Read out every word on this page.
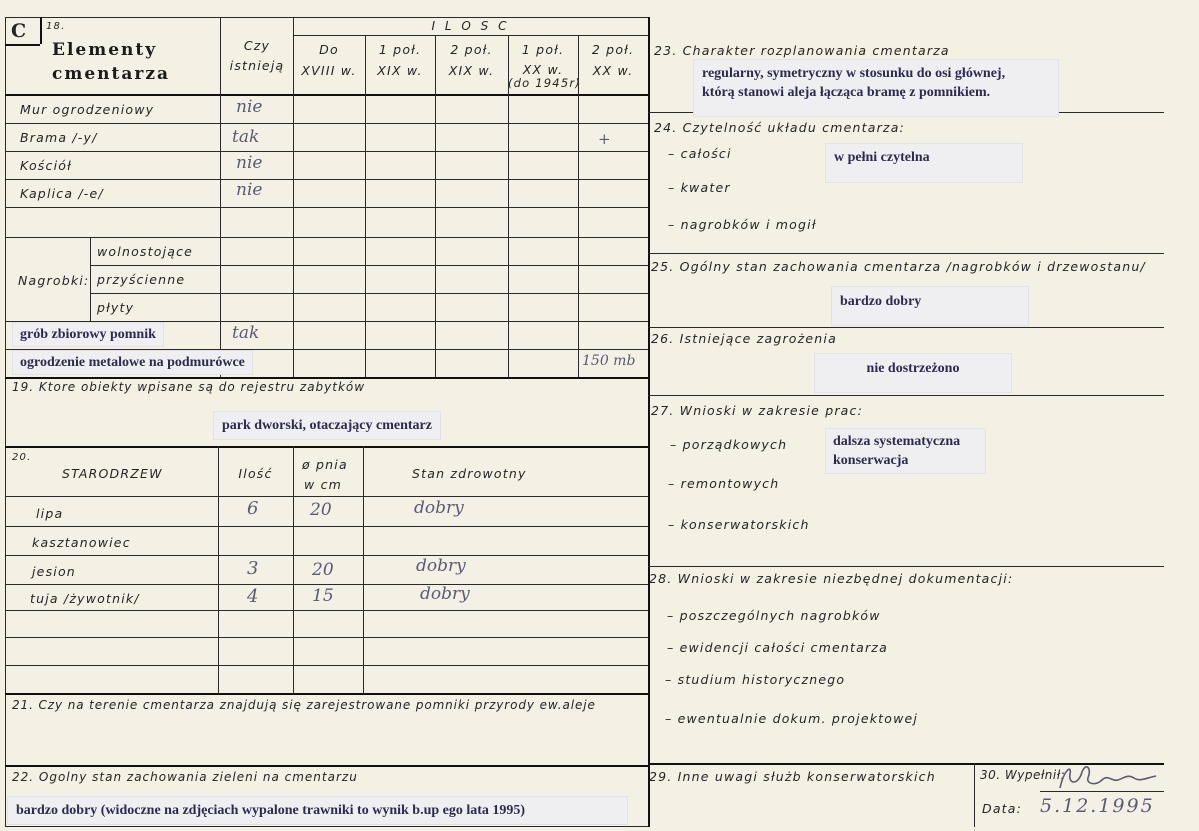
C 18.
Elementy
cmentarza
Czy
istnieją
I L O S C
Do
XVIII w.
1 poł.
XIX w.
2 poł.
XIX w.
1 poł.
XX w.
(do 1945r)
2 poł.
XX w.
Mur ogrodzeniowy
Brama /-y/
Kościół
Kaplica /-e/
Nagrobki:
wolnostojące
przyścienne
płyty
grób zbiorowy pomnik
ogrodzenie metalowe na podmurówce
nie
tak
nie
nie
+
tak
150 mb
19. Ktore obiekty wpisane są do rejestru zabytków
park dworski, otaczający cmentarz
20.
STARODRZEW	Ilość
ø pnia
w cm
Stan zdrowotny
lipa
kasztanowiec
jesion
tuja /żywotnik/
6
3
4
20
20
15
dobry
dobry
dobry
21. Czy na terenie cmentarza znajdują się zarejestrowane pomniki przyrody ew.aleje
22. Ogolny stan zachowania zieleni na cmentarzu
bardzo dobry (widoczne na zdjęciach wypalone trawniki to wynik b.up ego lata 1995)
23. Charakter rozplanowania cmentarza
regularny, symetryczny w stosunku do osi głównej,
którą stanowi aleja łącząca bramę z pomnikiem.
24. Czytelność układu cmentarza:
– całości
– kwater
– nagrobków i mogił
w pełni czytelna
25. Ogólny stan zachowania cmentarza /nagrobków i drzewostanu/
bardzo dobry
26. Istniejące zagrożenia
nie dostrzeżono
27. Wnioski w zakresie prac:
– porządkowych
– remontowych
– konserwatorskich
dalsza systematyczna
konserwacja
28. Wnioski w zakresie niezbędnej dokumentacji:
– poszczególnych nagrobków
– ewidencji całości cmentarza
– studium historycznego
– ewentualnie dokum. projektowej
29. Inne uwagi służb konserwatorskich	30. Wypełnił:
Data: 5.12.1995
